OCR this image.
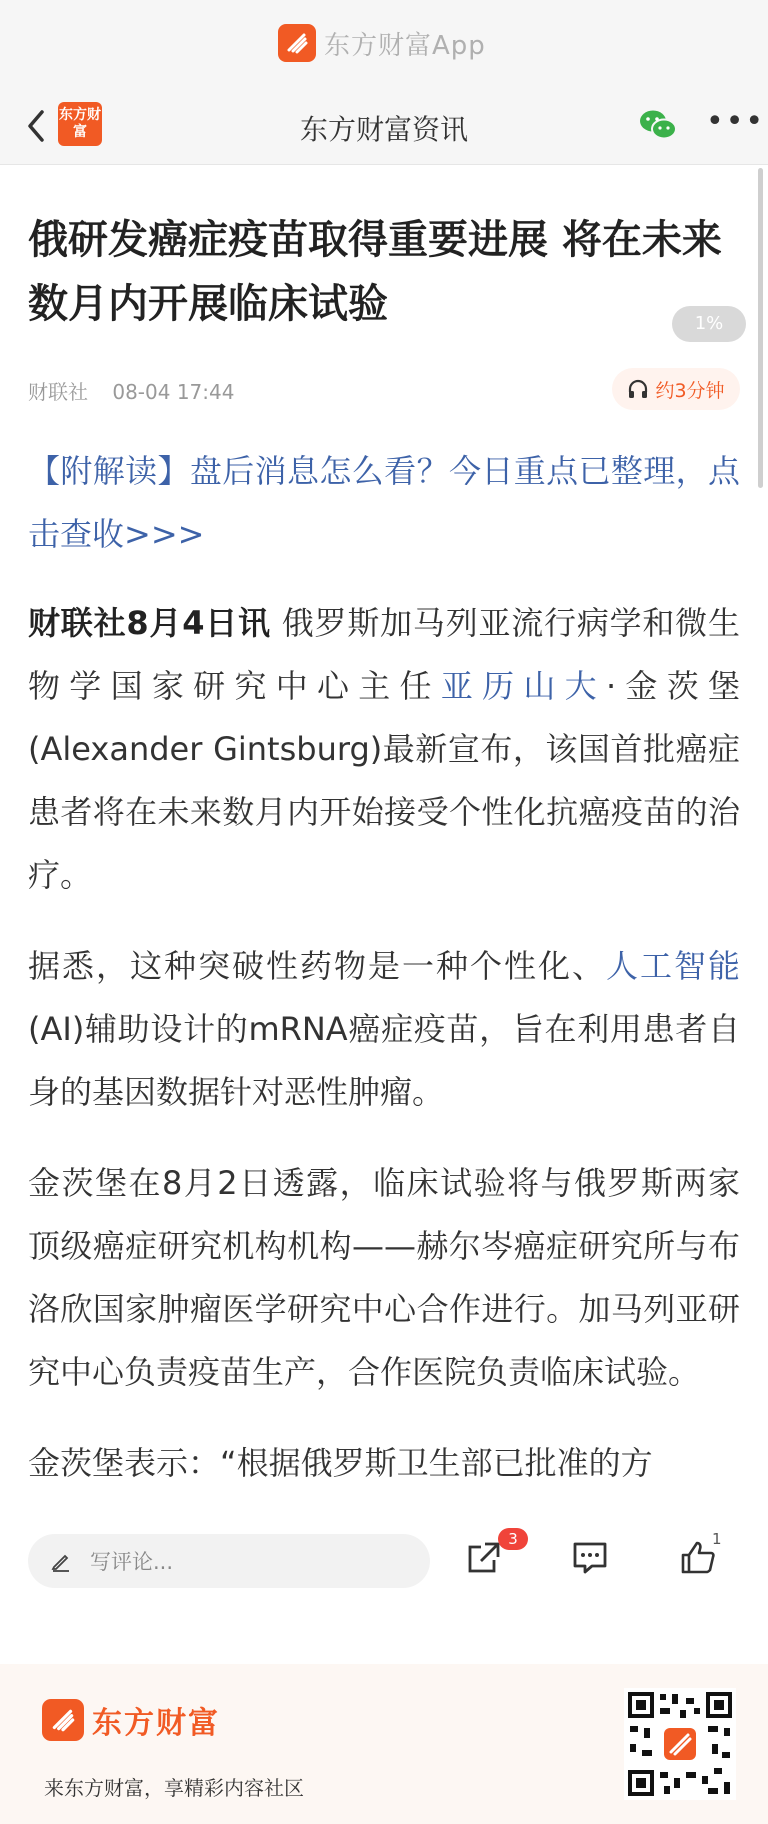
东方财富App
东方财富	东方财富资讯	•••
1%
俄研发癌症疫苗取得重要进展 将在未来数月内开展临床试验
财联社 08-04 17:44	约3分钟

【附解读】盘后消息怎么看？今日重点已整理，点击查收>>>

财联社8月4日讯 俄罗斯加马列亚流行病学和微生物学国家研究中心主任亚历山大·金茨堡(Alexander Gintsburg)最新宣布，该国首批癌症患者将在未来数月内开始接受个性化抗癌疫苗的治疗。

据悉，这种突破性药物是一种个性化、人工智能(AI)辅助设计的mRNA癌症疫苗，旨在利用患者自身的基因数据针对恶性肿瘤。

金茨堡在8月2日透露，临床试验将与俄罗斯两家顶级癌症研究机构机构——赫尔岑癌症研究所与布洛欣国家肿瘤医学研究中心合作进行。加马列亚研究中心负责疫苗生产，合作医院负责临床试验。

金茨堡表示：“根据俄罗斯卫生部已批准的方

写评论...
3	1
东方财富
来东方财富，享精彩内容社区
